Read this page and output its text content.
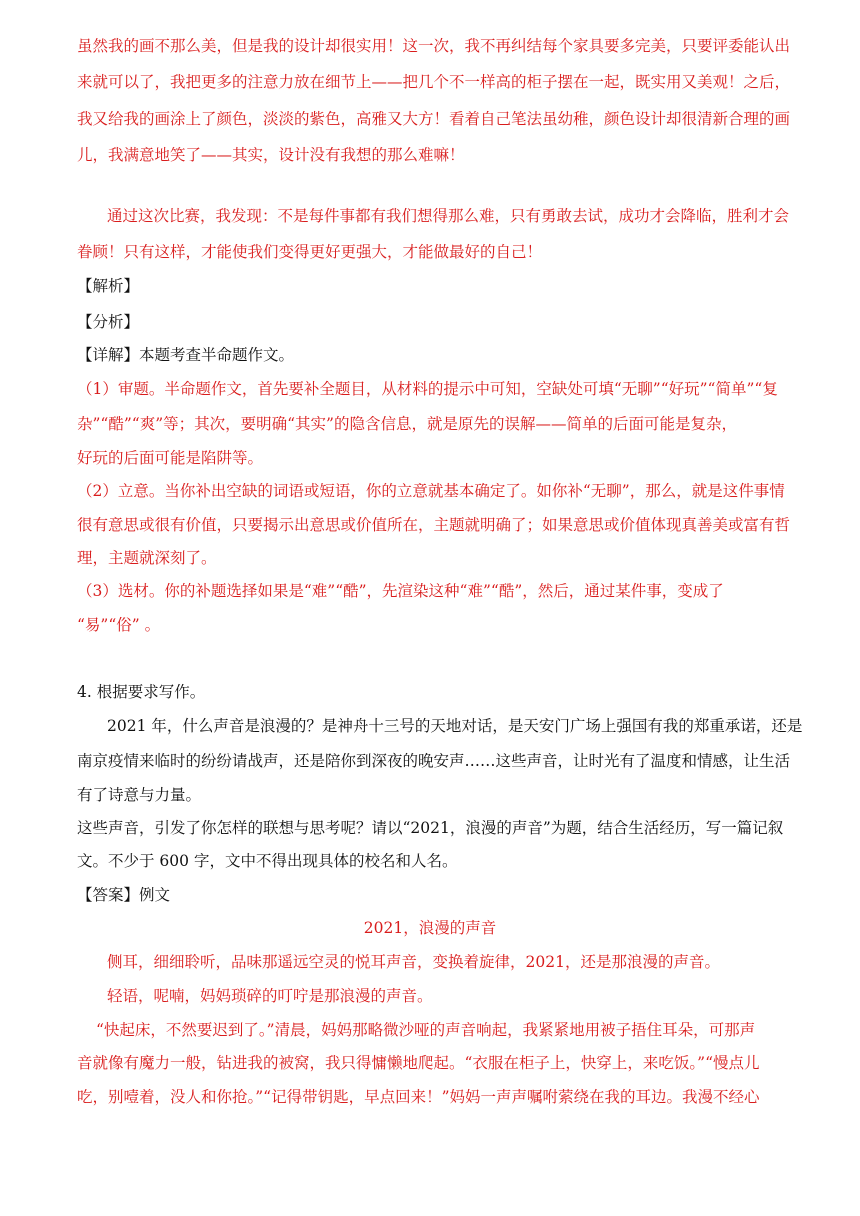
虽然我的画不那么美，但是我的设计却很实用！这一次，我不再纠结每个家具要多完美，只要评委能认出
来就可以了，我把更多的注意力放在细节上——把几个不一样高的柜子摆在一起，既实用又美观！之后，
我又给我的画涂上了颜色，淡淡的紫色，高雅又大方！看着自己笔法虽幼稚，颜色设计却很清新合理的画
儿，我满意地笑了——其实，设计没有我想的那么难嘛！
通过这次比赛，我发现：不是每件事都有我们想得那么难，只有勇敢去试，成功才会降临，胜利才会
眷顾！只有这样，才能使我们变得更好更强大，才能做最好的自己！
【解析】
【分析】
【详解】本题考查半命题作文。
（1）审题。半命题作文，首先要补全题目，从材料的提示中可知，空缺处可填“无聊”“好玩”“简单”“复
杂”“酷”“爽”等；其次，要明确“其实”的隐含信息，就是原先的误解——简单的后面可能是复杂，
好玩的后面可能是陷阱等。
（2）立意。当你补出空缺的词语或短语，你的立意就基本确定了。如你补“无聊”，那么，就是这件事情
很有意思或很有价值，只要揭示出意思或价值所在，主题就明确了；如果意思或价值体现真善美或富有哲
理，主题就深刻了。
（3）选材。你的补题选择如果是“难”“酷”，先渲染这种“难”“酷”，然后，通过某件事，变成了
“易”“俗” 。
4. 根据要求写作。
2021 年，什么声音是浪漫的？是神舟十三号的天地对话，是天安门广场上强国有我的郑重承诺，还是
南京疫情来临时的纷纷请战声，还是陪你到深夜的晚安声……这些声音，让时光有了温度和情感，让生活
有了诗意与力量。
这些声音，引发了你怎样的联想与思考呢？请以“2021，浪漫的声音”为题，结合生活经历，写一篇记叙
文。不少于 600 字，文中不得出现具体的校名和人名。
【答案】例文
2021，浪漫的声音
侧耳，细细聆听，品味那遥远空灵的悦耳声音，变换着旋律，2021，还是那浪漫的声音。
轻语，呢喃，妈妈琐碎的叮咛是那浪漫的声音。
“快起床，不然要迟到了。”清晨，妈妈那略微沙哑的声音响起，我紧紧地用被子捂住耳朵，可那声
音就像有魔力一般，钻进我的被窝，我只得慵懒地爬起。“衣服在柜子上，快穿上，来吃饭。”“慢点儿
吃，别噎着，没人和你抢。”“记得带钥匙，早点回来！”妈妈一声声嘱咐萦绕在我的耳边。我漫不经心
